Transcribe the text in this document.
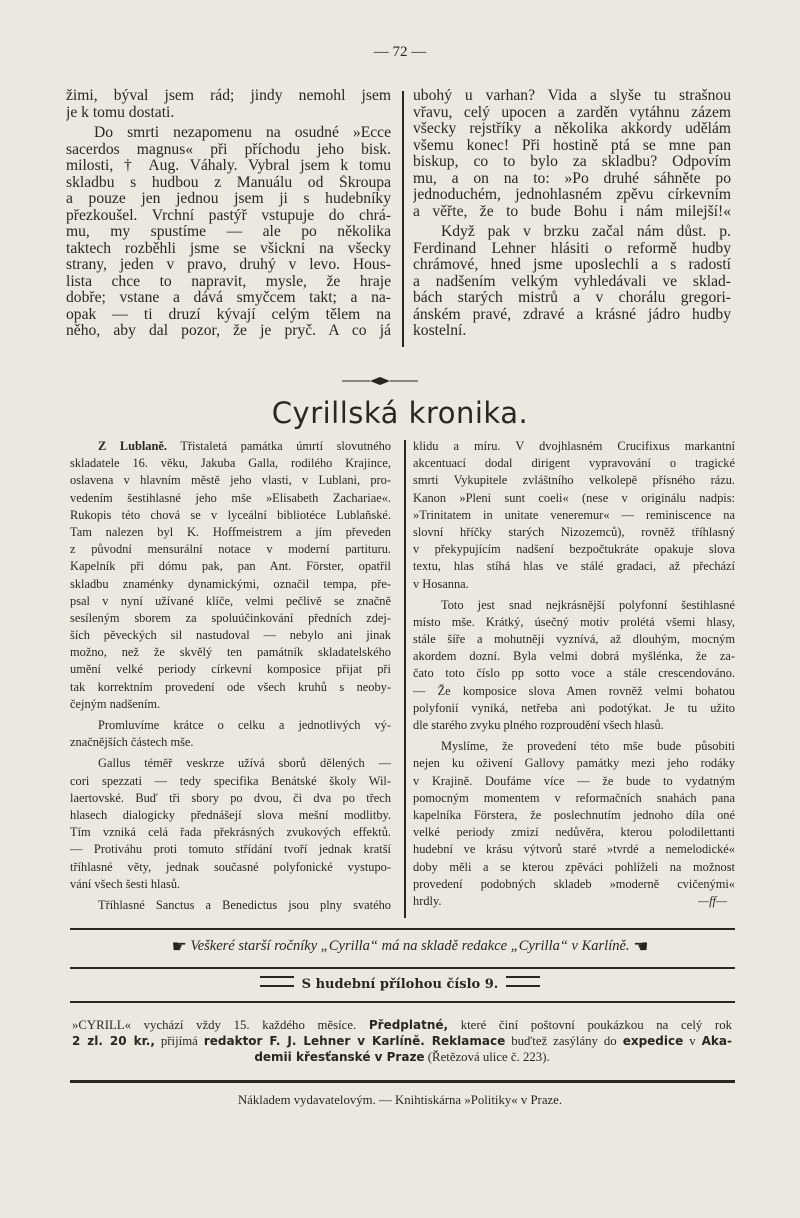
— 72 —
žimi, býval jsem rád; jindy nemohl jsem
je k tomu dostati.
Do smrti nezapomenu na osudné »Ecce
sacerdos magnus« při příchodu jeho bisk.
milosti, † Aug. Váhaly. Vybral jsem k tomu
skladbu s hudbou z Manuálu od Škroupa
a pouze jen jednou jsem ji s hudebníky
přezkoušel. Vrchní pastýř vstupuje do chrá-
mu, my spustíme — ale po několika
taktech rozběhli jsme se všickni na všecky
strany, jeden v pravo, druhý v levo. Hous-
lista chce to napravit, mysle, že hraje
dobře; vstane a dává smyčcem takt; a na-
opak — ti druzí kývají celým tělem na
něho, aby dal pozor, že je pryč. A co já
ubohý u varhan? Vida a slyše tu strašnou
vřavu, celý upocen a zarděn vytáhnu zázem
všecky rejstříky a několika akkordy udělám
všemu konec! Při hostině ptá se mne pan
biskup, co to bylo za skladbu? Odpovím
mu, a on na to: »Po druhé sáhněte po
jednoduchém, jednohlasném zpěvu církevním
a věřte, že to bude Bohu i nám milejší!«
Když pak v brzku začal nám důst. p.
Ferdinand Lehner hlásiti o reformě hudby
chrámové, hned jsme uposlechli a s radostí
a nadšením velkým vyhledávali ve sklad-
bách starých mistrů a v chorálu gregori-
ánském pravé, zdravé a krásné jádro hudby
kostelní.
Cyrillská kronika.
Z Lublaně. Třistaletá památka úmrtí slovutného
skladatele 16. věku, Jakuba Galla, rodilého Krajince,
oslavena v hlavním městě jeho vlasti, v Lublani, pro-
vedením šestihlasné jeho mše »Elisabeth Zachariae«.
Rukopis této chová se v lyceální bibliotéce Lublaňské.
Tam nalezen byl K. Hoffmeistrem a jím převeden
z původní mensurální notace v moderní partituru.
Kapelník při dómu pak, pan Ant. Förster, opatřil
skladbu znaménky dynamickými, označil tempa, pře-
psal v nyní užívané klíče, velmi pečlivě se značně
sesíleným sborem za spoluúčinkování předních zdej-
ších pěveckých sil nastudoval — nebylo ani jinak
možno, než že skvělý ten památník skladatelského
umění velké periody církevní komposice přijat při
tak korrektním provedení ode všech kruhů s neoby-
čejným nadšením.
Promluvíme krátce o celku a jednotlivých vý-
značnějších částech mše.
Gallus téměř veskrze užívá sborů dělených —
cori spezzati — tedy specifika Benátské školy Wil-
laertovské. Buď tři sbory po dvou, či dva po třech
hlasech dialogicky přednášejí slova mešní modlitby.
Tím vzniká celá řada překrásných zvukových effektů.
— Protiváhu proti tomuto střídání tvoří jednak kratší
tříhlasné věty, jednak současné polyfonické vystupo-
vání všech šesti hlasů.
Tříhlasné Sanctus a Benedictus jsou plny svatého
klidu a míru. V dvojhlasném Crucifixus markantní
akcentuací dodal dirigent vypravování o tragické
smrti Vykupitele zvláštního velkolepě přísného rázu.
Kanon »Pleni sunt coeli« (nese v originálu nadpis:
»Trinitatem in unitate veneremur« — reminiscence na
slovní hříčky starých Nizozemců), rovněž tříhlasný
v překypujícím nadšení bezpočtukráte opakuje slova
textu, hlas stíhá hlas ve stálé gradaci, až přechází
v Hosanna.
Toto jest snad nejkrásnější polyfonní šestihlasné
místo mše. Krátký, úsečný motiv prolétá všemi hlasy,
stále šíře a mohutněji vyznívá, až dlouhým, mocným
akordem dozní. Byla velmi dobrá myšlénka, že za-
čato toto číslo pp sotto voce a stále crescendováno.
— Že komposice slova Amen rovněž velmi bohatou
polyfonií vyniká, netřeba ani podotýkat. Je tu užito
dle starého zvyku plného rozproudění všech hlasů.
Myslíme, že provedení této mše bude působiti
nejen ku oživení Gallovy památky mezi jeho rodáky
v Krajině. Doufáme více — že bude to vydatným
pomocným momentem v reformačních snahách pana
kapelníka Förstera, že poslechnutím jednoho díla oné
velké periody zmizí nedůvěra, kterou polodilettanti
hudební ve krásu výtvorů staré »tvrdé a nemelodické«
doby měli a se kterou zpěváci pohlíželi na možnost
provedení podobných skladeb »moderně cvičenými«
hrdly.	—ff—
☛ Veškeré starší ročníky „Cyrilla“ má na skladě redakce „Cyrilla“ v Karlíně. ☚
S hudební přílohou číslo 9.
»CYRILL« vychází vždy 15. každého měsíce. Předplatné, které činí poštovní poukázkou na celý rok
2 zl. 20 kr., přijímá redaktor F. J. Lehner v Karlíně. Reklamace buďtež zasýlány do expedice v Aka-
demii křesťanské v Praze (Řetězová ulice č. 223).
Nákladem vydavatelovým. — Knihtiskárna »Politiky« v Praze.
